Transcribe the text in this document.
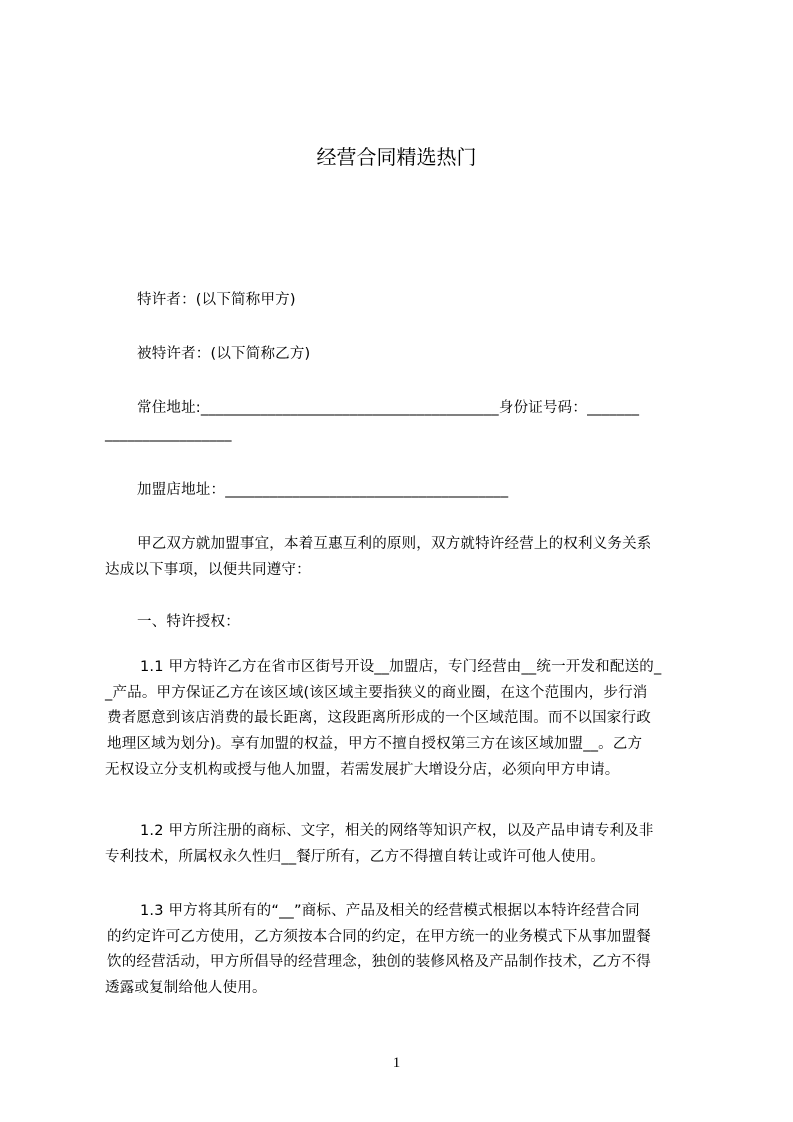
经营合同精选热门
特许者：(以下简称甲方)
被特许者：(以下简称乙方)
常住地址:________________________________________身份证号码：_______
_________________
加盟店地址：______________________________________
甲乙双方就加盟事宜，本着互惠互利的原则，双方就特许经营上的权利义务关系
达成以下事项，以便共同遵守：
一、特许授权：
1.1 甲方特许乙方在省市区街号开设__加盟店，专门经营由__统一开发和配送的_
_产品。甲方保证乙方在该区域(该区域主要指狭义的商业圈，在这个范围内，步行消
费者愿意到该店消费的最长距离，这段距离所形成的一个区域范围。而不以国家行政
地理区域为划分)。享有加盟的权益，甲方不擅自授权第三方在该区域加盟__。乙方
无权设立分支机构或授与他人加盟，若需发展扩大增设分店，必须向甲方申请。
1.2 甲方所注册的商标、文字，相关的网络等知识产权，以及产品申请专利及非
专利技术，所属权永久性归__餐厅所有，乙方不得擅自转让或许可他人使用。
1.3 甲方将其所有的“__”商标、产品及相关的经营模式根据以本特许经营合同
的约定许可乙方使用，乙方须按本合同的约定，在甲方统一的业务模式下从事加盟餐
饮的经营活动，甲方所倡导的经营理念，独创的装修风格及产品制作技术，乙方不得
透露或复制给他人使用。
1
